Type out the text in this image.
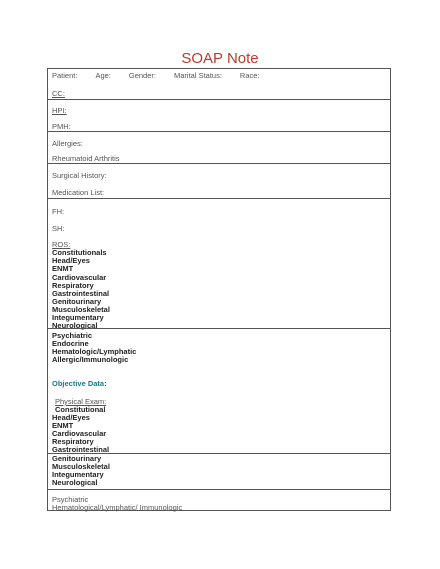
SOAP Note
Patient: Age: Gender: Marital Status: Race:
CC:
HPI:
PMH:
Allergies:
Rheumatoid Arthritis
Surgical History:
Medication List:
FH:
SH:
ROS:
Constitutionals
Head/Eyes
ENMT
Cardiovascular
Respiratory
Gastrointestinal
Genitourinary
Musculoskeletal
Integumentary
Neurological
Psychiatric
Endocrine
Hematologic/Lymphatic
Allergic/Immunologic
Objective Data:
Physical Exam:
Constitutional
Head/Eyes
ENMT
Cardiovascular
Respiratory
Gastrointestinal
Genitourinary
Musculoskeletal
Integumentary
Neurological
Psychiatric
Hematological/Lymphatic/ Immunologic
